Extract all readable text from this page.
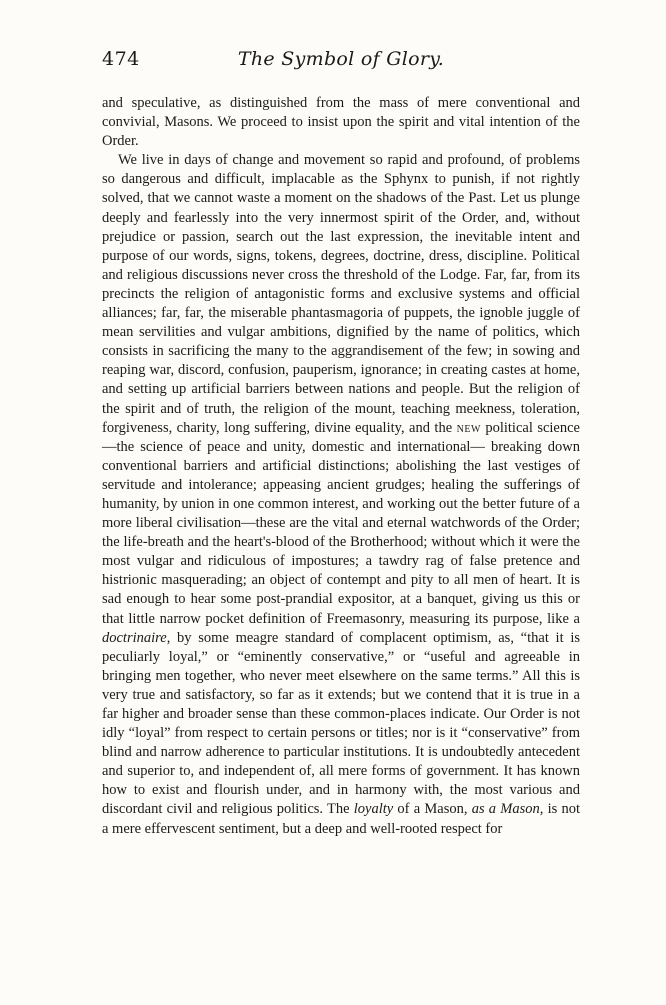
474	The Symbol of Glory.

and speculative, as distinguished from the mass of mere conventional and convivial, Masons. We proceed to insist upon the spirit and vital intention of the Order.

We live in days of change and movement so rapid and profound, of problems so dangerous and difficult, implacable as the Sphynx to punish, if not rightly solved, that we cannot waste a moment on the shadows of the Past. Let us plunge deeply and fearlessly into the very innermost spirit of the Order, and, without prejudice or passion, search out the last expression, the inevitable intent and purpose of our words, signs, tokens, degrees, doctrine, dress, discipline. Political and religious discussions never cross the threshold of the Lodge. Far, far, from its precincts the religion of antagonistic forms and exclusive systems and official alliances; far, far, the miserable phantasmagoria of puppets, the ignoble juggle of mean servilities and vulgar ambitions, dignified by the name of politics, which consists in sacrificing the many to the aggrandisement of the few; in sowing and reaping war, discord, confusion, pauperism, ignorance; in creating castes at home, and setting up artificial barriers between nations and people. But the religion of the spirit and of truth, the religion of the mount, teaching meekness, toleration, forgiveness, charity, long suffering, divine equality, and the new political science —the science of peace and unity, domestic and international— breaking down conventional barriers and artificial distinctions; abolishing the last vestiges of servitude and intolerance; appeasing ancient grudges; healing the sufferings of humanity, by union in one common interest, and working out the better future of a more liberal civilisation—these are the vital and eternal watchwords of the Order; the life-breath and the heart's-blood of the Brotherhood; without which it were the most vulgar and ridiculous of impostures; a tawdry rag of false pretence and histrionic masquerading; an object of contempt and pity to all men of heart. It is sad enough to hear some post-prandial expositor, at a banquet, giving us this or that little narrow pocket definition of Freemasonry, measuring its purpose, like a doctrinaire, by some meagre standard of complacent optimism, as, “that it is peculiarly loyal,” or “eminently conservative,” or “useful and agreeable in bringing men together, who never meet elsewhere on the same terms.” All this is very true and satisfactory, so far as it extends; but we contend that it is true in a far higher and broader sense than these common-places indicate. Our Order is not idly “loyal” from respect to certain persons or titles; nor is it “conservative” from blind and narrow adherence to particular institutions. It is undoubtedly antecedent and superior to, and independent of, all mere forms of government. It has known how to exist and flourish under, and in harmony with, the most various and discordant civil and religious politics. The loyalty of a Mason, as a Mason, is not a mere effervescent sentiment, but a deep and well-rooted respect for
